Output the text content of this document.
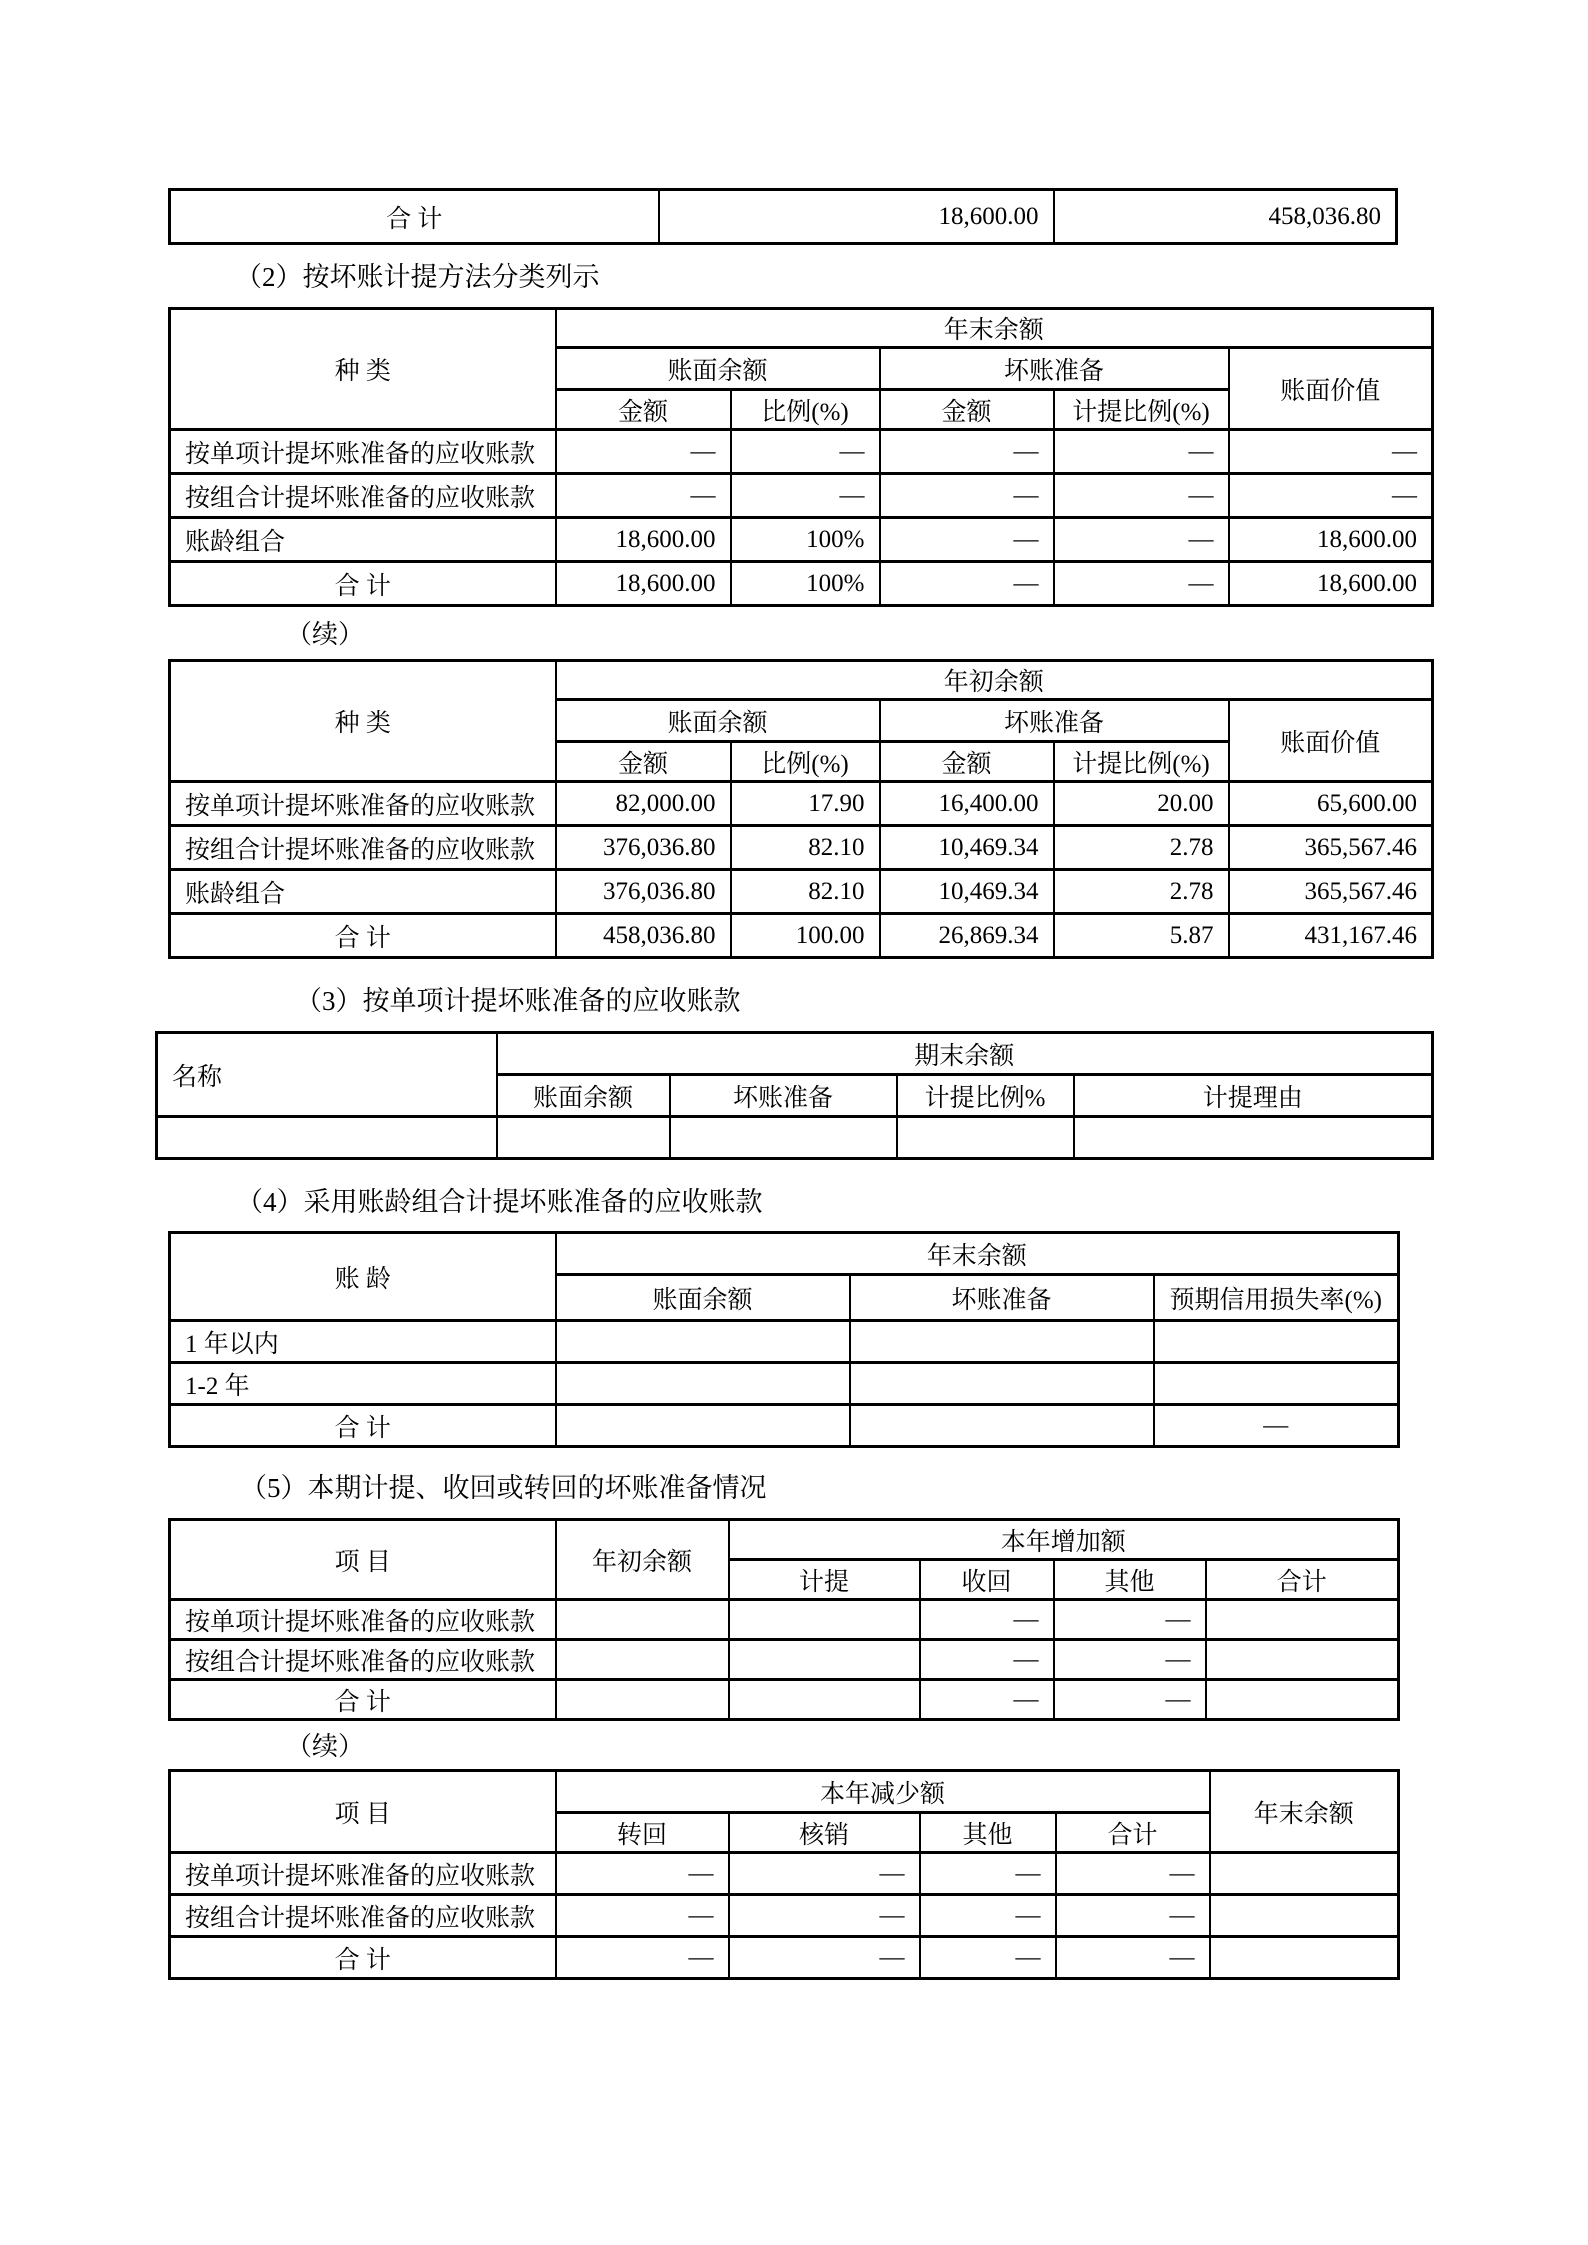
合 计	18,600.00	458,036.80
（2）按坏账计提方法分类列示
种 类	年末余额				
	账面余额		坏账准备		账面价值
	金额	比例(%)	金额	计提比例(%)	
按单项计提坏账准备的应收账款	—	—	—	—	—
按组合计提坏账准备的应收账款	—	—	—	—	—
账龄组合	18,600.00	100%	—	—	18,600.00
合 计	18,600.00	100%	—	—	18,600.00
（续）
种 类	年初余额				
	账面余额		坏账准备		账面价值
	金额	比例(%)	金额	计提比例(%)	
按单项计提坏账准备的应收账款	82,000.00	17.90	16,400.00	20.00	65,600.00
按组合计提坏账准备的应收账款	376,036.80	82.10	10,469.34	2.78	365,567.46
账龄组合	376,036.80	82.10	10,469.34	2.78	365,567.46
合 计	458,036.80	100.00	26,869.34	5.87	431,167.46
（3）按单项计提坏账准备的应收账款
名称	期末余额			
	账面余额	坏账准备	计提比例%	计提理由

（4）采用账龄组合计提坏账准备的应收账款
账 龄	年末余额		
	账面余额	坏账准备	预期信用损失率(%)
1 年以内			
1-2 年			
合 计			—
（5）本期计提、收回或转回的坏账准备情况
项 目	年初余额	本年增加额			
		计提	收回	其他	合计
按单项计提坏账准备的应收账款			—	—	
按组合计提坏账准备的应收账款			—	—	
合 计			—	—	
（续）
项 目	本年减少额				年末余额
	转回	核销	其他	合计	
按单项计提坏账准备的应收账款	—	—	—	—	
按组合计提坏账准备的应收账款	—	—	—	—	
合 计	—	—	—	—	
